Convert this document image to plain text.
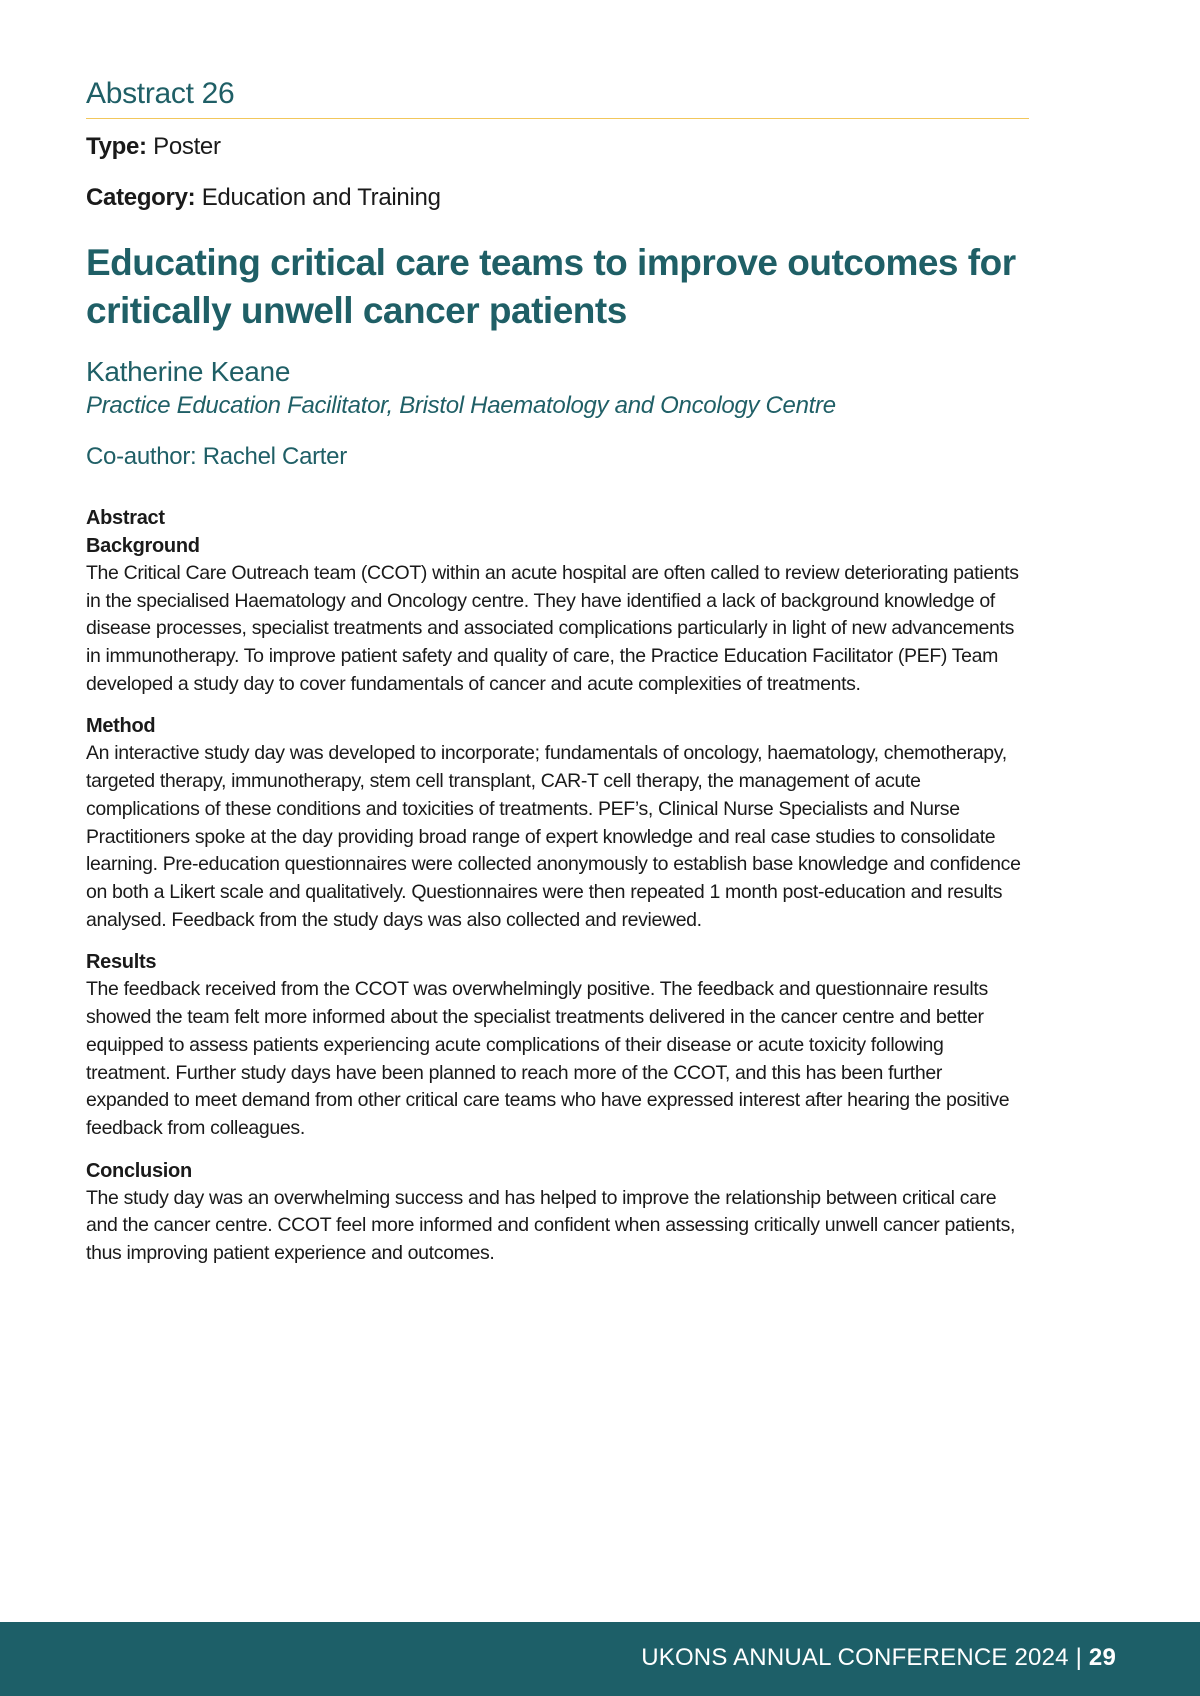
Abstract 26

Type: Poster

Category: Education and Training

Educating critical care teams to improve outcomes for critically unwell cancer patients

Katherine Keane

Practice Education Facilitator, Bristol Haematology and Oncology Centre

Co-author: Rachel Carter

Abstract

Background

The Critical Care Outreach team (CCOT) within an acute hospital are often called to review deteriorating patients in the specialised Haematology and Oncology centre. They have identified a lack of background knowledge of disease processes, specialist treatments and associated complications particularly in light of new advancements in immunotherapy. To improve patient safety and quality of care, the Practice Education Facilitator (PEF) Team developed a study day to cover fundamentals of cancer and acute complexities of treatments.

Method

An interactive study day was developed to incorporate; fundamentals of oncology, haematology, chemotherapy, targeted therapy, immunotherapy, stem cell transplant, CAR-T cell therapy, the management of acute complications of these conditions and toxicities of treatments. PEF’s, Clinical Nurse Specialists and Nurse Practitioners spoke at the day providing broad range of expert knowledge and real case studies to consolidate learning. Pre-education questionnaires were collected anonymously to establish base knowledge and confidence on both a Likert scale and qualitatively. Questionnaires were then repeated 1 month post-education and results analysed. Feedback from the study days was also collected and reviewed.

Results

The feedback received from the CCOT was overwhelmingly positive. The feedback and questionnaire results showed the team felt more informed about the specialist treatments delivered in the cancer centre and better equipped to assess patients experiencing acute complications of their disease or acute toxicity following treatment. Further study days have been planned to reach more of the CCOT, and this has been further expanded to meet demand from other critical care teams who have expressed interest after hearing the positive feedback from colleagues.

Conclusion

The study day was an overwhelming success and has helped to improve the relationship between critical care and the cancer centre. CCOT feel more informed and confident when assessing critically unwell cancer patients, thus improving patient experience and outcomes.

UKONS ANNUAL CONFERENCE 2024 | 29
